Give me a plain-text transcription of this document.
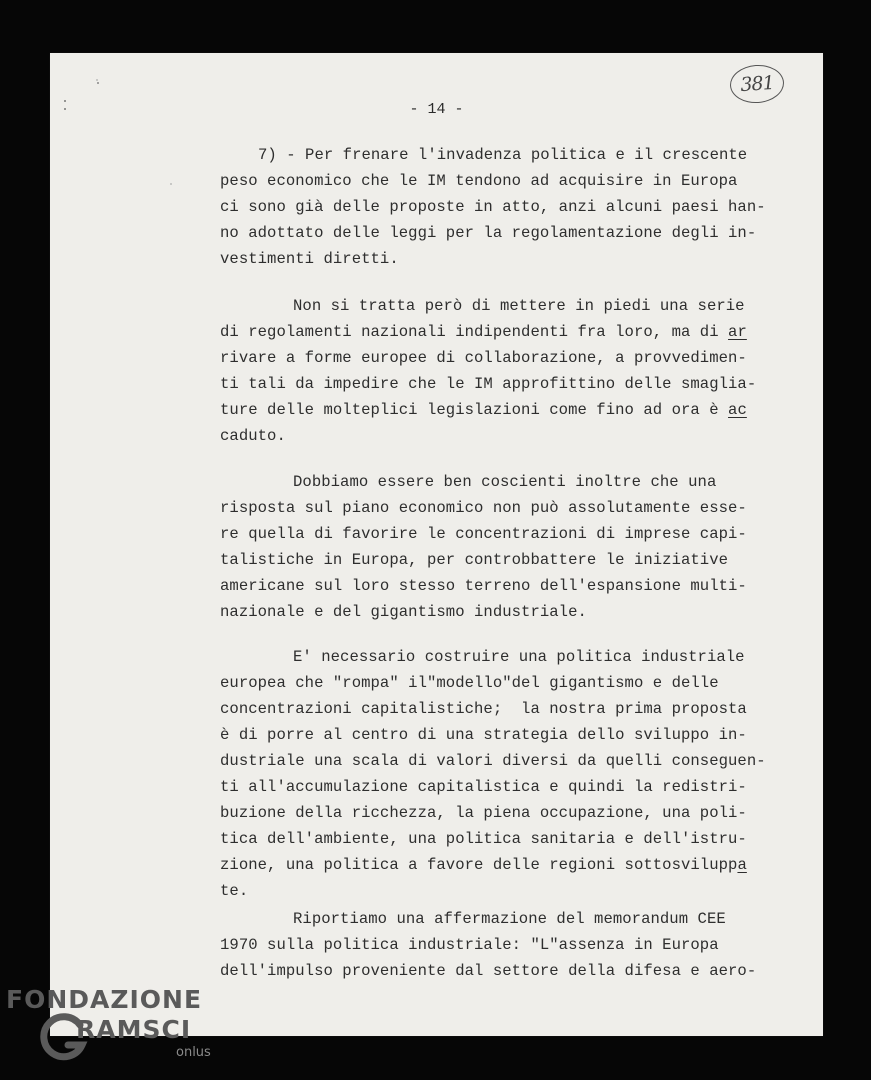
381
- 14 -
7) - Per frenare l'invadenza politica e il crescente
peso economico che le IM tendono ad acquisire in Europa
ci sono già delle proposte in atto, anzi alcuni paesi han-
no adottato delle leggi per la regolamentazione degli in-
vestimenti diretti.
Non si tratta però di mettere in piedi una serie
di regolamenti nazionali indipendenti fra loro, ma di ar
rivare a forme europee di collaborazione, a provvedimen-
ti tali da impedire che le IM approfittino delle smaglia-
ture delle molteplici legislazioni come fino ad ora è ac
caduto.
Dobbiamo essere ben coscienti inoltre che una
risposta sul piano economico non può assolutamente esse-
re quella di favorire le concentrazioni di imprese capi-
talistiche in Europa, per controbbattere le iniziative
americane sul loro stesso terreno dell'espansione multi-
nazionale e del gigantismo industriale.
E' necessario costruire una politica industriale
europea che "rompa" il"modello"del gigantismo e delle
concentrazioni capitalistiche;  la nostra prima proposta
è di porre al centro di una strategia dello sviluppo in-
dustriale una scala di valori diversi da quelli conseguen-
ti all'accumulazione capitalistica e quindi la redistri-
buzione della ricchezza, la piena occupazione, una poli-
tica dell'ambiente, una politica sanitaria e dell'istru-
zione, una politica a favore delle regioni sottosviluppa
te.
Riportiamo una affermazione del memorandum CEE
1970 sulla politica industriale: "L"assenza in Europa
dell'impulso proveniente dal settore della difesa e aero-
FONDAZIONE
RAMSCI
onlus
